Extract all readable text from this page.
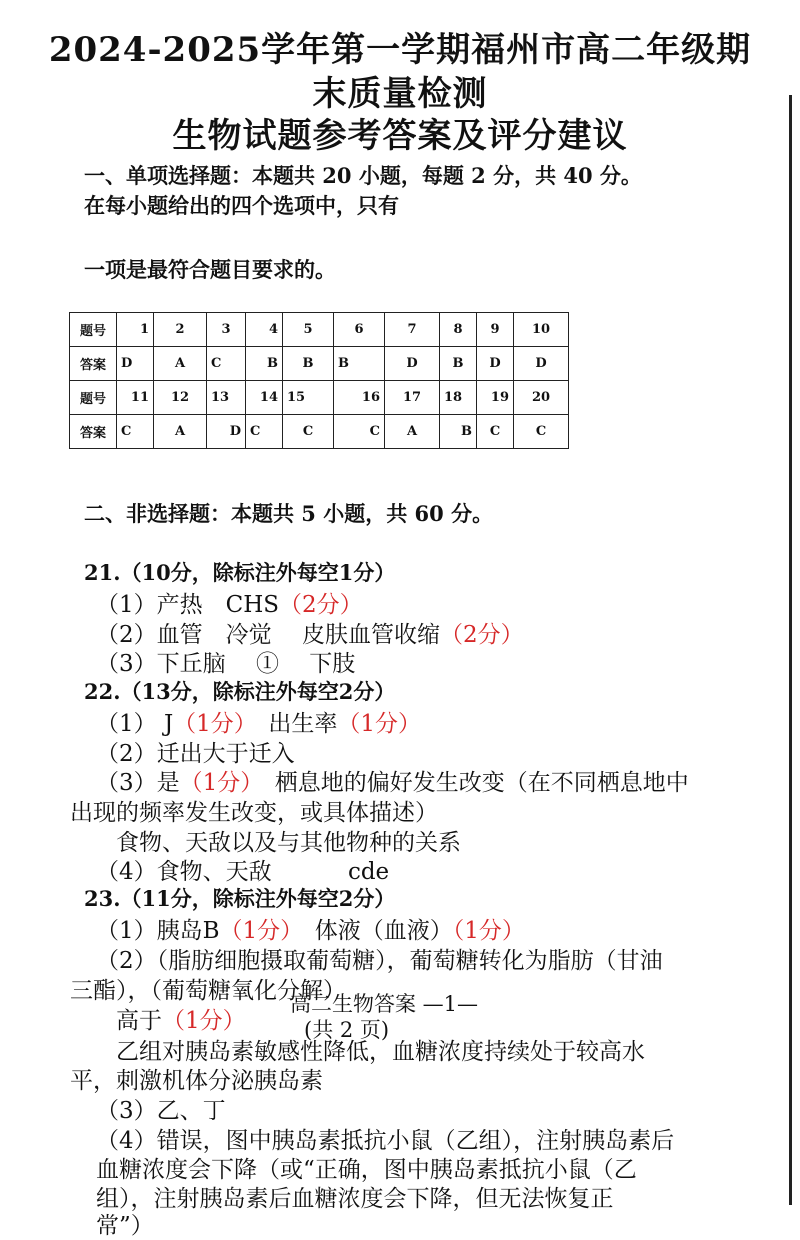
2024-2025学年第一学期福州市高二年级期
末质量检测
生物试题参考答案及评分建议
一、单项选择题：本题共 20 小题，每题 2 分，共 40 分。
在每小题给出的四个选项中，只有
一项是最符合题目要求的。
题号	1	2	3	4	5	6	7	8	9	10
答案	D	A	C	B	B	B	D	B	D	D
题号	11	12	13	14	15	16	17	18	19	20
答案	C	A	D	C	C	C	A	B	C	C
二、非选择题：本题共 5 小题，共 60 分。
21.（10分，除标注外每空1分）
（1）产热　CHS（2分）
（2）血管　冷觉　 皮肤血管收缩（2分）
（3）下丘脑　 ①　 下肢
22.（13分，除标注外每空2分）
（1） J（1分）　出生率（1分）
（2）迁出大于迁入
（3）是（1分）　栖息地的偏好发生改变（在不同栖息地中
出现的频率发生改变，或具体描述）
食物、天敌以及与其他物种的关系
（4）食物、天敌　　　 cde
23.（11分，除标注外每空2分）
（1）胰岛B（1分）　体液（血液）（1分）
（2）（脂肪细胞摄取葡萄糖），葡萄糖转化为脂肪（甘油
三酯），（葡萄糖氧化分解）
高二生物答案 —1—
高于（1分）	(共 2 页)
乙组对胰岛素敏感性降低，血糖浓度持续处于较高水
平，刺激机体分泌胰岛素
（3）乙、丁
（4）错误，图中胰岛素抵抗小鼠（乙组），注射胰岛素后
血糖浓度会下降（或“正确，图中胰岛素抵抗小鼠（乙
组），注射胰岛素后血糖浓度会下降，但无法恢复正
常”）
